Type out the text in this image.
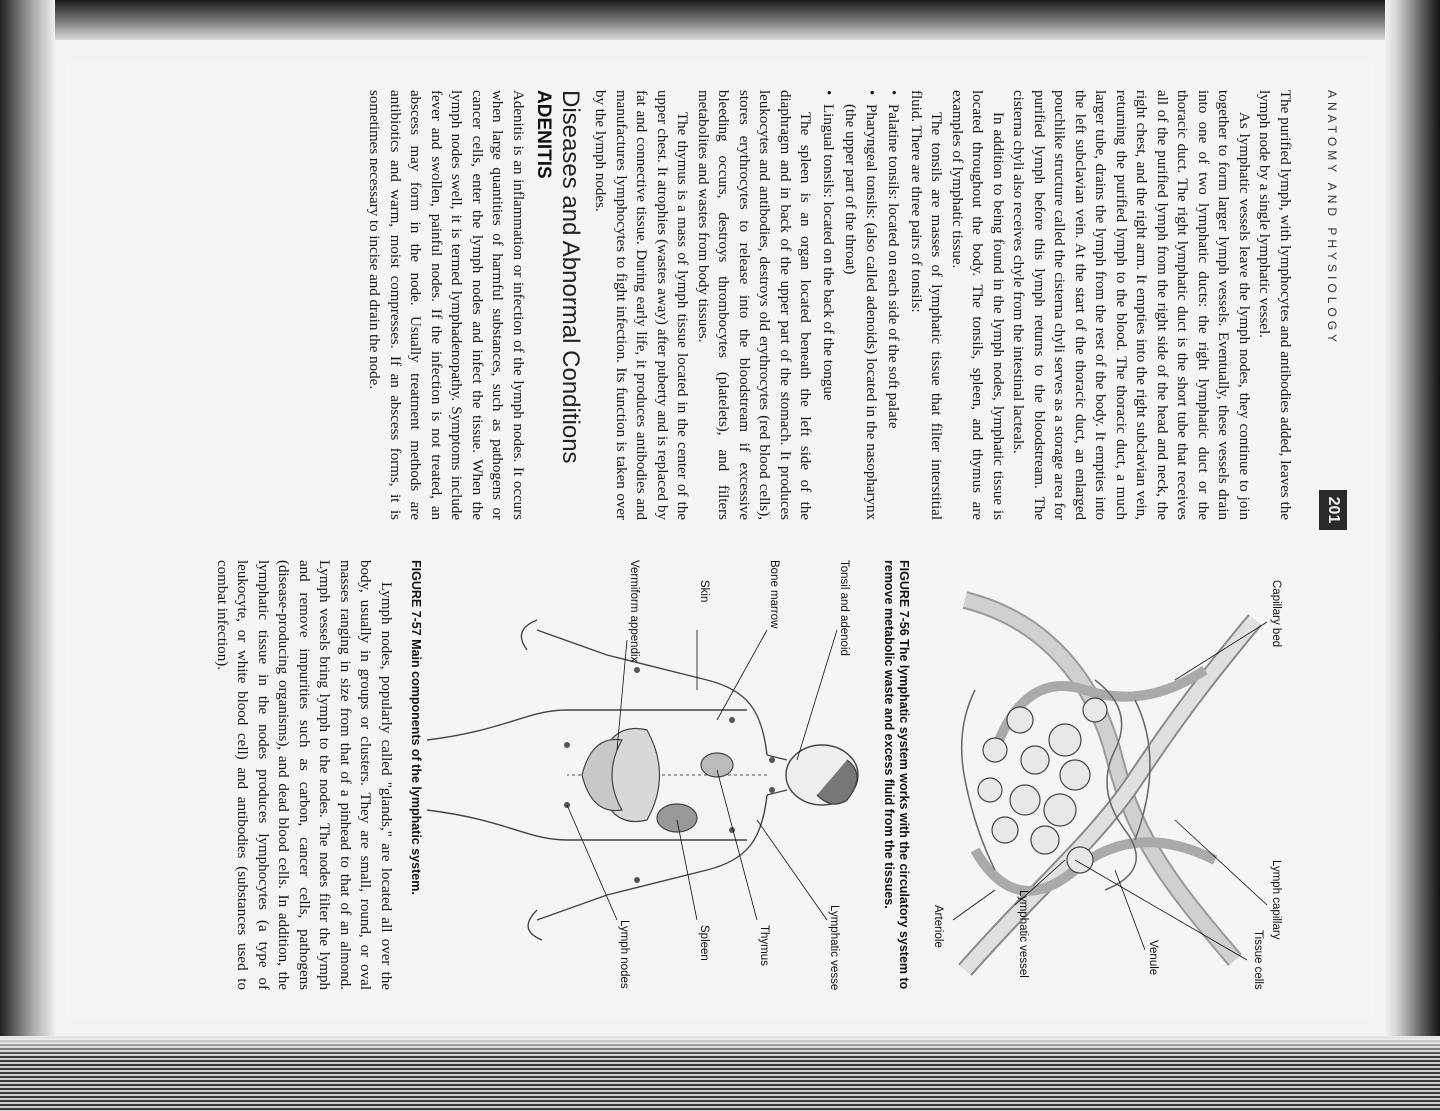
ANATOMY AND PHYSIOLOGY
201

The purified lymph, with lymphocytes and antibodies added, leaves the lymph node by a single lymphatic vessel.

As lymphatic vessels leave the lymph nodes, they continue to join together to form larger lymph vessels. Eventually, these vessels drain into one of two lymphatic ducts: the right lymphatic duct or the thoracic duct. The right lymphatic duct is the short tube that receives all of the purified lymph from the right side of the head and neck, the right chest, and the right arm. It empties into the right subclavian vein, returning the purified lymph to the blood. The thoracic duct, a much larger tube, drains the lymph from the rest of the body. It empties into the left subclavian vein. At the start of the thoracic duct, an enlarged pouchlike structure called the cisterna chyli serves as a storage area for purified lymph before this lymph returns to the bloodstream. The cisterna chyli also receives chyle from the intestinal lacteals.

In addition to being found in the lymph nodes, lymphatic tissue is located throughout the body. The tonsils, spleen, and thymus are examples of lymphatic tissue.

The tonsils are masses of lymphatic tissue that filter interstitial fluid. There are three pairs of tonsils:

• Palatine tonsils: located on each side of the soft palate

• Pharyngeal tonsils: (also called adenoids) located in the nasopharynx (the upper part of the throat)

• Lingual tonsils: located on the back of the tongue

The spleen is an organ located beneath the left side of the diaphragm and in back of the upper part of the stomach. It produces leukocytes and antibodies, destroys old erythrocytes (red blood cells), stores erythrocytes to release into the bloodstream if excessive bleeding occurs, destroys thrombocytes (platelets), and filters metabolites and wastes from body tissues.

The thymus is a mass of lymph tissue located in the center of the upper chest. It atrophies (wastes away) after puberty and is replaced by fat and connective tissue. During early life, it produces antibodies and manufactures lymphocytes to fight infection. Its function is taken over by the lymph nodes.

Diseases and Abnormal Conditions
ADENITIS

Adenitis is an inflammation or infection of the lymph nodes. It occurs when large quantities of harmful substances, such as pathogens or cancer cells, enter the lymph nodes and infect the tissue. When the lymph nodes swell, it is termed lymphadenopathy. Symptoms include fever and swollen, painful nodes. If the infection is not treated, an abscess may form in the node. Usually treatment methods are antibiotics and warm, moist compresses. If an abscess forms, it is sometimes necessary to incise and drain the node.

Capillary bed
Lymph capillary
Tissue cells
Venule
Lymphatic vessel
Arteriole

FIGURE 7-56 The lymphatic system works with the circulatory system to remove metabolic waste and excess fluid from the tissues.

Tonsil and adenoid
Bone marrow
Skin
Vermiform appendix
Lymphatic vessels
Thymus
Spleen
Lymph nodes

FIGURE 7-57 Main components of the lymphatic system.

Lymph nodes, popularly called "glands," are located all over the body, usually in groups or clusters. They are small, round, or oval masses ranging in size from that of a pinhead to that of an almond. Lymph vessels bring lymph to the nodes. The nodes filter the lymph and remove impurities such as carbon, cancer cells, pathogens (disease-producing organisms), and dead blood cells. In addition, the lymphatic tissue in the nodes produces lymphocytes (a type of leukocyte, or white blood cell) and antibodies (substances used to combat infection).
